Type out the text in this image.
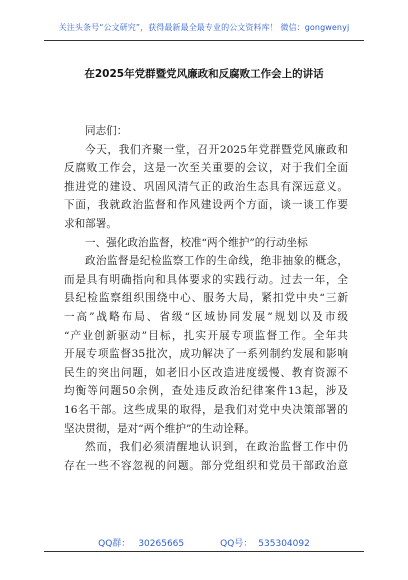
关注头条号“公文研究”，获得最新最全最专业的公文资料库！ 微信：gongwenyj
在2025年党群暨党风廉政和反腐败工作会上的讲话
同志们：
今天，我们齐聚一堂，召开2025年党群暨党风廉政和
反腐败工作会，这是一次至关重要的会议，对于我们全面
推进党的建设、巩固风清气正的政治生态具有深远意义。
下面，我就政治监督和作风建设两个方面，谈一谈工作要
求和部署。
一、强化政治监督，校准“两个维护”的行动坐标
政治监督是纪检监察工作的生命线，绝非抽象的概念，
而是具有明确指向和具体要求的实践行动。过去一年，全
县纪检监察组织围绕中心、服务大局，紧扣党中央“三新
一高”战略布局、省级“区域协同发展”规划以及市级
“产业创新驱动”目标，扎实开展专项监督工作。全年共
开展专项监督35批次，成功解决了一系列制约发展和影响
民生的突出问题，如老旧小区改造进度缓慢、教育资源不
均衡等问题50余例，查处违反政治纪律案件13起，涉及
16名干部。这些成果的取得，是我们对党中央决策部署的
坚决贯彻，是对“两个维护”的生动诠释。
然而，我们必须清醒地认识到，在政治监督工作中仍
存在一些不容忽视的问题。部分党组织和党员干部政治意
QQ群： 30265665	QQ号： 535304092
